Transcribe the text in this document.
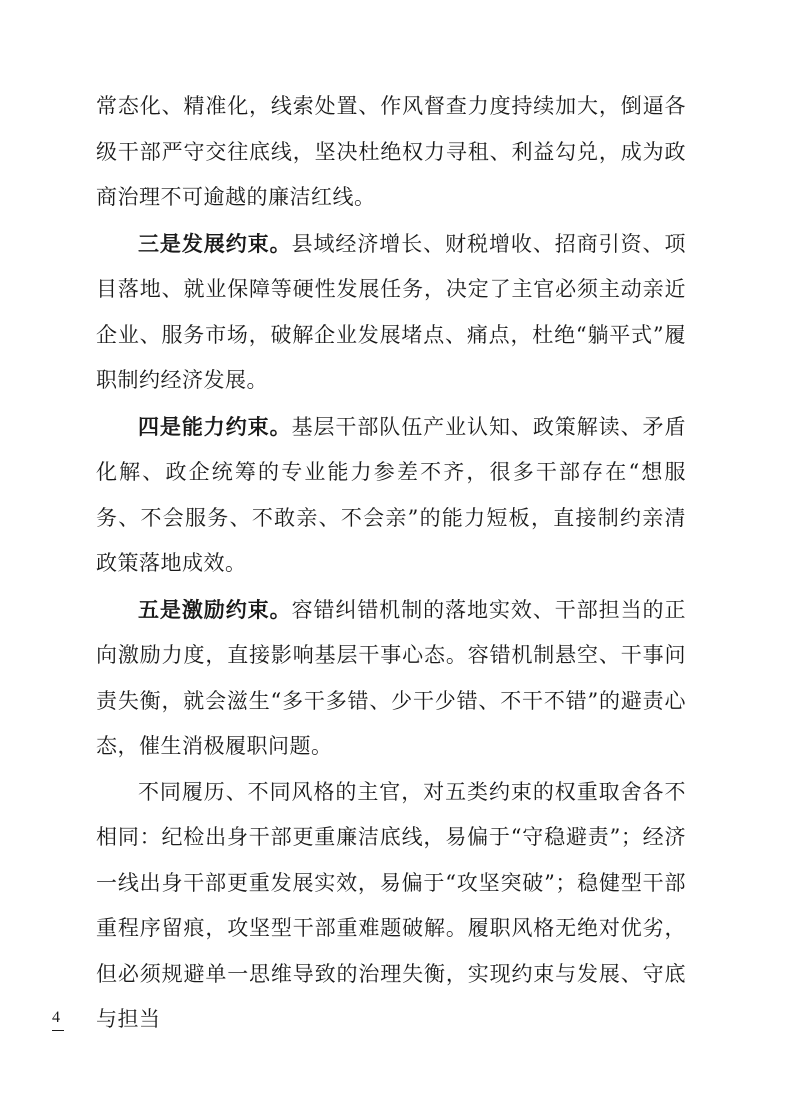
常态化、精准化，线索处置、作风督查力度持续加大，倒逼各级干部严守交往底线，坚决杜绝权力寻租、利益勾兑，成为政商治理不可逾越的廉洁红线。

三是发展约束。县域经济增长、财税增收、招商引资、项目落地、就业保障等硬性发展任务，决定了主官必须主动亲近企业、服务市场，破解企业发展堵点、痛点，杜绝“躺平式”履职制约经济发展。

四是能力约束。基层干部队伍产业认知、政策解读、矛盾化解、政企统筹的专业能力参差不齐，很多干部存在“想服务、不会服务、不敢亲、不会亲”的能力短板，直接制约亲清政策落地成效。

五是激励约束。容错纠错机制的落地实效、干部担当的正向激励力度，直接影响基层干事心态。容错机制悬空、干事问责失衡，就会滋生“多干多错、少干少错、不干不错”的避责心态，催生消极履职问题。

不同履历、不同风格的主官，对五类约束的权重取舍各不相同：纪检出身干部更重廉洁底线，易偏于“守稳避责”；经济一线出身干部更重发展实效，易偏于“攻坚突破”；稳健型干部重程序留痕，攻坚型干部重难题破解。履职风格无绝对优劣，但必须规避单一思维导致的治理失衡，实现约束与发展、守底与担当

4
